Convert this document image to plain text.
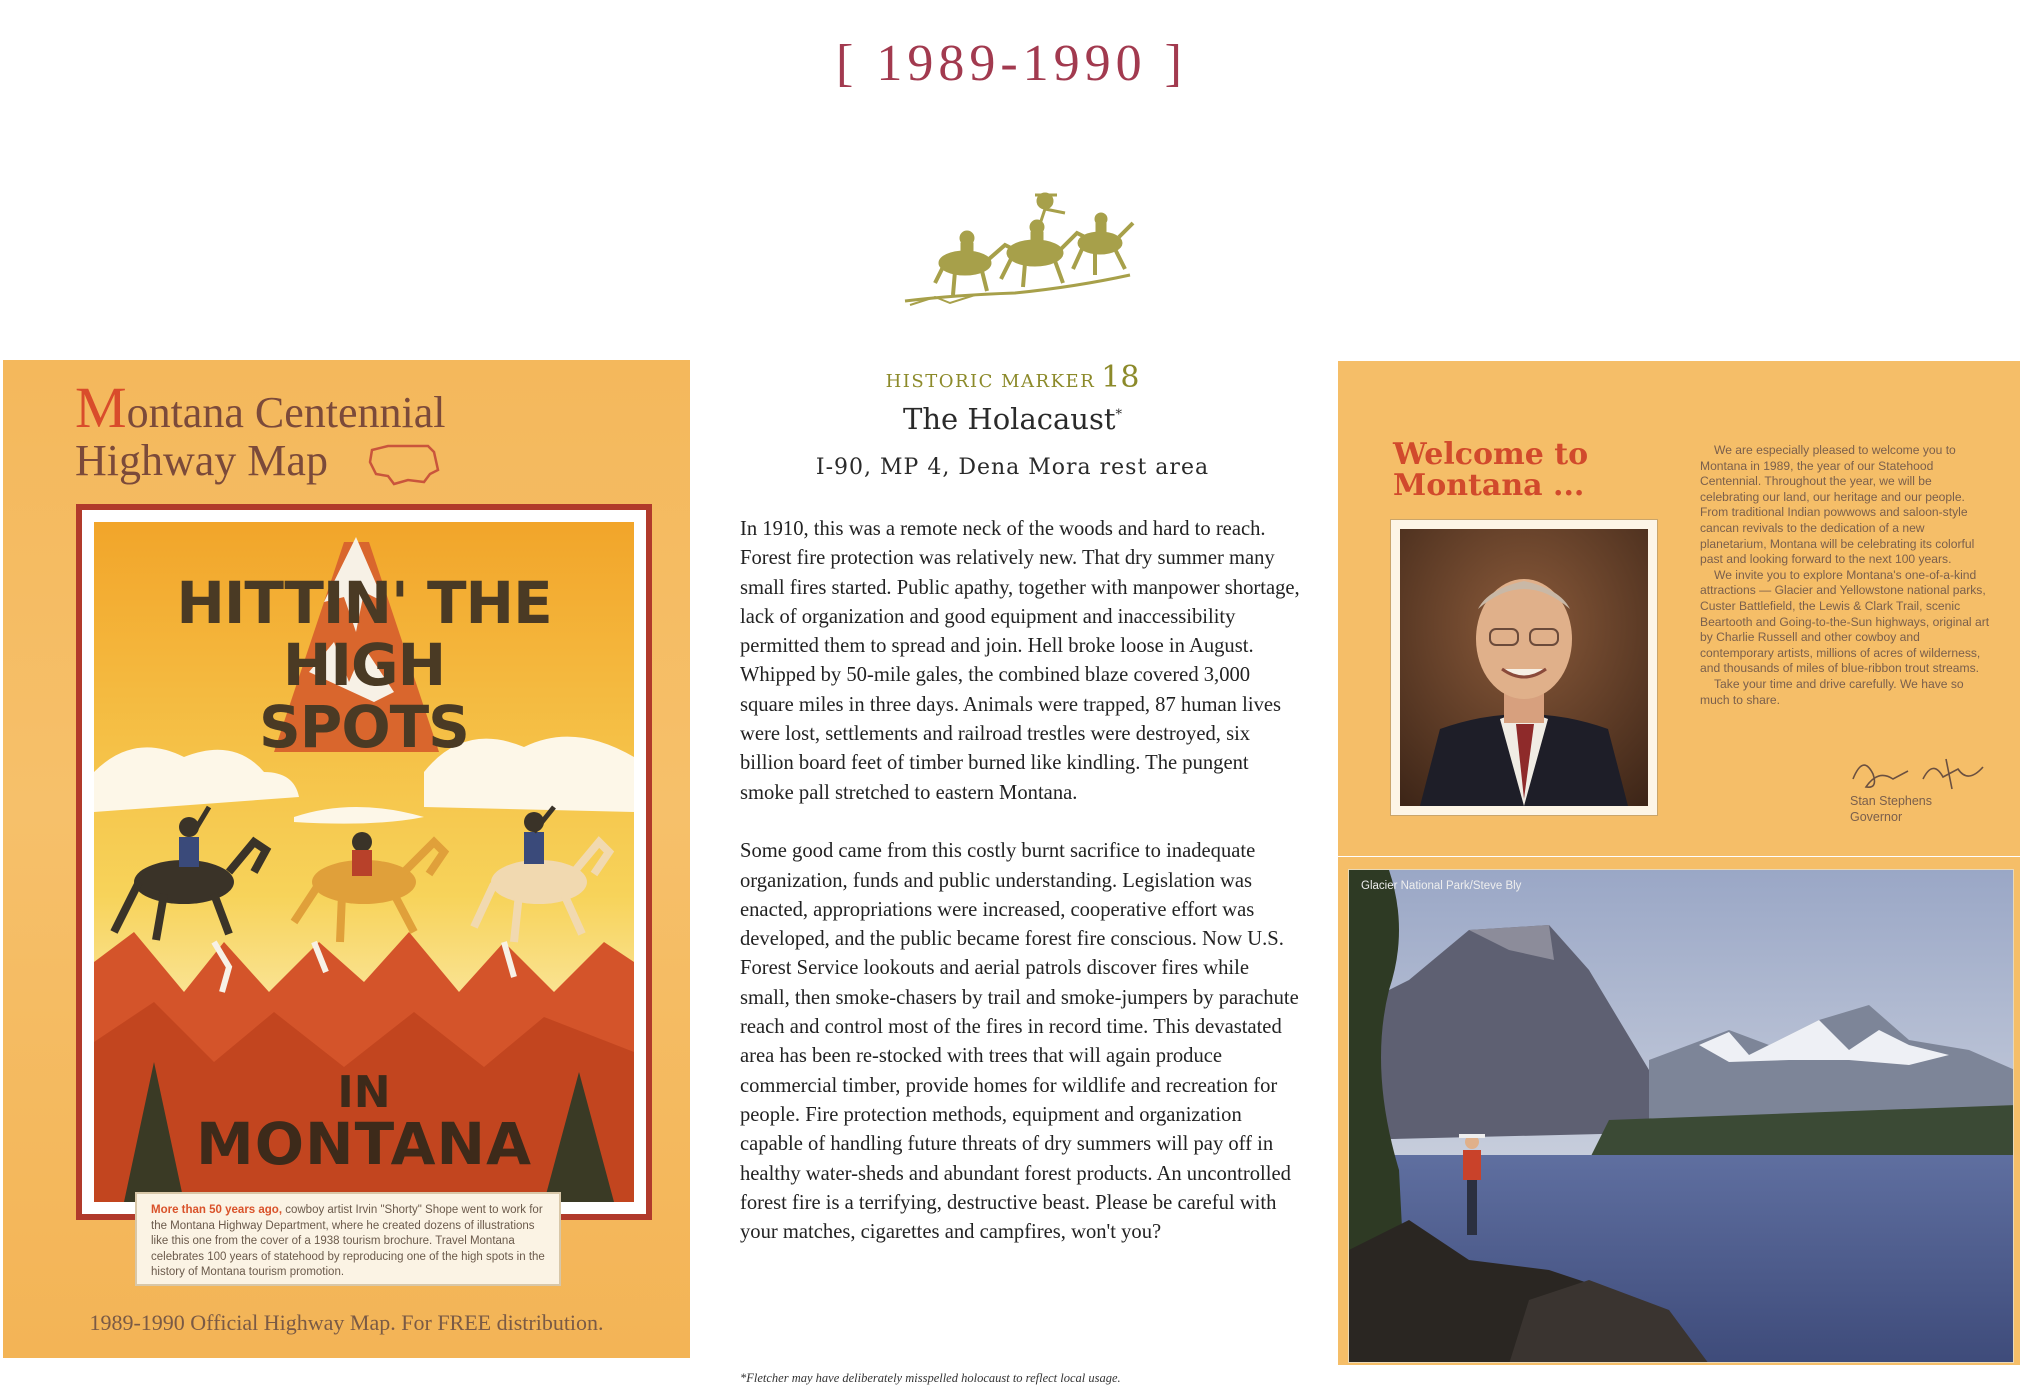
[ 1989-1990 ]
Montana Centennial
Highway Map
HITTIN' THE HIGH
SPOTS
IN
MONTANA
More than 50 years ago, cowboy artist Irvin "Shorty" Shope went to work for the Montana Highway Department, where he created dozens of illustrations like this one from the cover of a 1938 tourism brochure. Travel Montana celebrates 100 years of statehood by reproducing one of the high spots in the history of Montana tourism promotion.
1989-1990 Official Highway Map. For FREE distribution.
HISTORIC MARKER 18
The Holacaust*
I-90, MP 4, Dena Mora rest area

In 1910, this was a remote neck of the woods and hard to reach. Forest fire protection was relatively new. That dry summer many small fires started. Public apathy, together with manpower shortage, lack of organization and good equipment and inaccessibility permitted them to spread and join. Hell broke loose in August. Whipped by 50-mile gales, the combined blaze covered 3,000 square miles in three days. Animals were trapped, 87 human lives were lost, settlements and railroad trestles were destroyed, six billion board feet of timber burned like kindling. The pungent smoke pall stretched to eastern Montana.

Some good came from this costly burnt sacrifice to inadequate organization, funds and public understanding. Legislation was enacted, appropriations were increased, cooperative effort was developed, and the public became forest fire conscious. Now U.S. Forest Service lookouts and aerial patrols discover fires while small, then smoke-chasers by trail and smoke-jumpers by parachute reach and control most of the fires in record time. This devastated area has been re-stocked with trees that will again produce commercial timber, provide homes for wildlife and recreation for people. Fire protection methods, equipment and organization capable of handling future threats of dry summers will pay off in healthy water-sheds and abundant forest products. An uncontrolled forest fire is a terrifying, destructive beast. Please be careful with your matches, cigarettes and campfires, won't you?

*Fletcher may have deliberately misspelled holocaust to reflect local usage.
Welcome to
Montana ...

We are especially pleased to welcome you to Montana in 1989, the year of our Statehood Centennial. Throughout the year, we will be celebrating our land, our heritage and our people. From traditional Indian powwows and saloon-style cancan revivals to the dedication of a new planetarium, Montana will be celebrating its colorful past and looking forward to the next 100 years.

We invite you to explore Montana's one-of-a-kind attractions — Glacier and Yellowstone national parks, Custer Battlefield, the Lewis & Clark Trail, scenic Beartooth and Going-to-the-Sun highways, original art by Charlie Russell and other cowboy and contemporary artists, millions of acres of wilderness, and thousands of miles of blue-ribbon trout streams.

Take your time and drive carefully. We have so much to share.

Stan Stephens
Governor
Glacier National Park/Steve Bly
